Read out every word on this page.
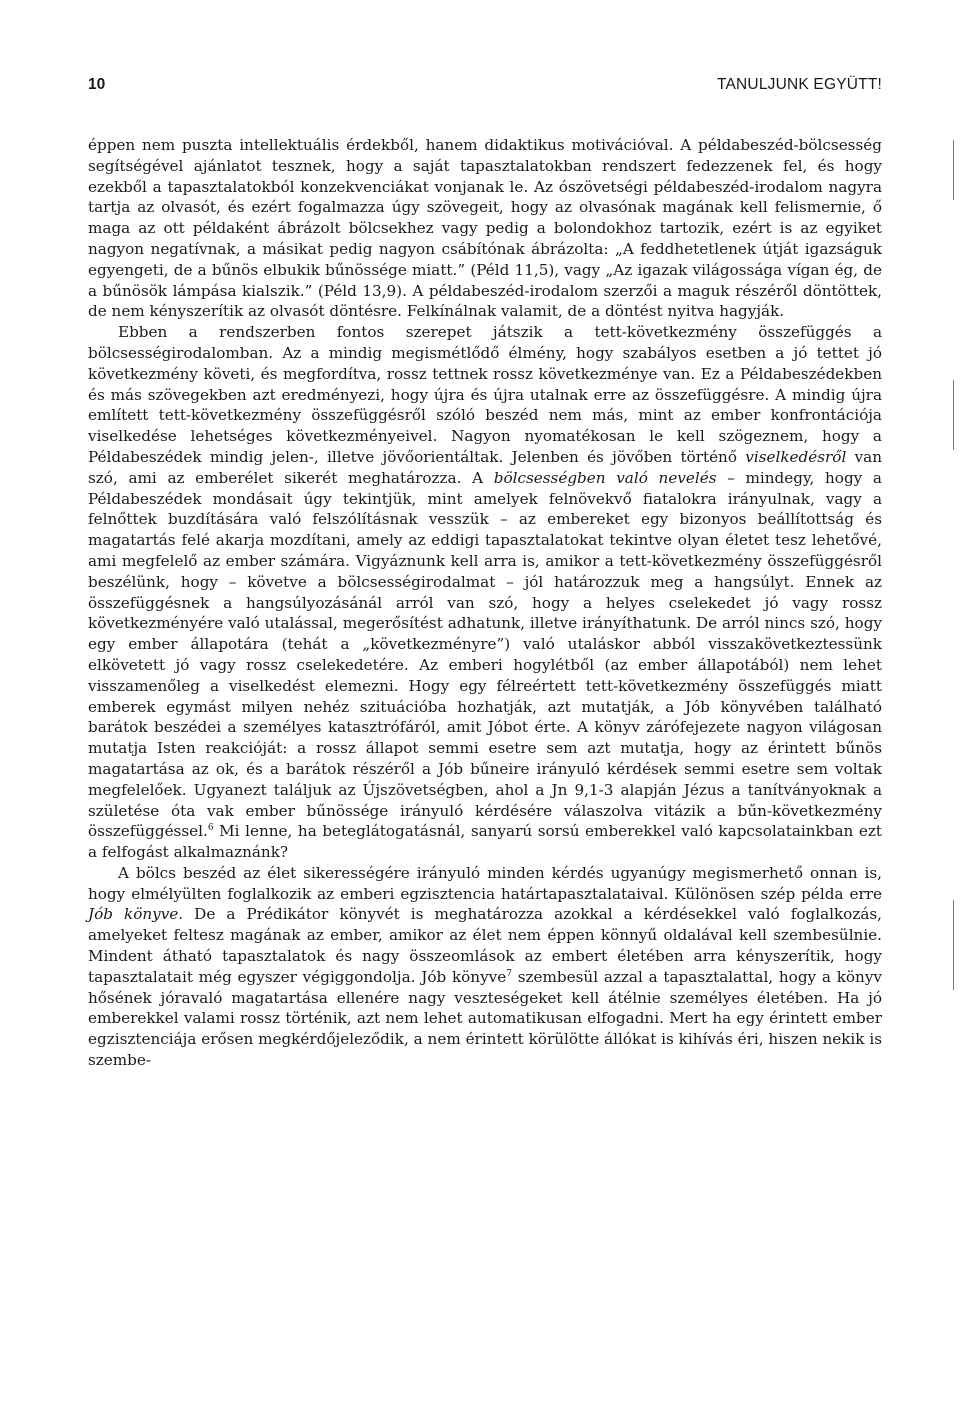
10	TANULJUNK EGYÜTT!

éppen nem puszta intellektuális érdekből, hanem didaktikus motivációval. A példabeszéd-bölcsesség segítségével ajánlatot tesznek, hogy a saját tapasztalatokban rendszert fedezzenek fel, és hogy ezekből a tapasztalatokból konzekvenciákat vonjanak le. Az ószövetségi példabeszéd-irodalom nagyra tartja az olvasót, és ezért fogalmazza úgy szövegeit, hogy az olvasónak magának kell felismernie, ő maga az ott példaként ábrázolt bölcsekhez vagy pedig a bolondokhoz tartozik, ezért is az egyiket nagyon negatívnak, a másikat pedig nagyon csábítónak ábrázolta: „A feddhetetlenek útját igazságuk egyengeti, de a bűnös elbukik bűnössége miatt.” (Péld 11,5), vagy „Az igazak világossága vígan ég, de a bűnösök lámpása kialszik.” (Péld 13,9). A példabeszéd-irodalom szerzői a maguk részéről döntöttek, de nem kényszerítik az olvasót döntésre. Felkínálnak valamit, de a döntést nyitva hagyják.

Ebben a rendszerben fontos szerepet játszik a tett-következmény összefüggés a bölcsességirodalomban. Az a mindig megismétlődő élmény, hogy szabályos esetben a jó tettet jó következmény követi, és megfordítva, rossz tettnek rossz következménye van. Ez a Példabeszédekben és más szövegekben azt eredményezi, hogy újra és újra utalnak erre az összefüggésre. A mindig újra említett tett-következmény összefüggésről szóló beszéd nem más, mint az ember konfrontációja viselkedése lehetséges következményeivel. Nagyon nyomatékosan le kell szögeznem, hogy a Példabeszédek mindig jelen-, illetve jövőorientáltak. Jelenben és jövőben történő viselkedésről van szó, ami az emberélet sikerét meghatározza. A bölcsességben való nevelés – mindegy, hogy a Példabeszédek mondásait úgy tekintjük, mint amelyek felnövekvő fiatalokra irányulnak, vagy a felnőttek buzdítására való felszólításnak vesszük – az embereket egy bizonyos beállítottság és magatartás felé akarja mozdítani, amely az eddigi tapasztalatokat tekintve olyan életet tesz lehetővé, ami megfelelő az ember számára. Vigyáznunk kell arra is, amikor a tett-következmény összefüggésről beszélünk, hogy – követve a bölcsességirodalmat – jól határozzuk meg a hangsúlyt. Ennek az összefüggésnek a hangsúlyozásánál arról van szó, hogy a helyes cselekedet jó vagy rossz következményére való utalással, megerősítést adhatunk, illetve irányíthatunk. De arról nincs szó, hogy egy ember állapotára (tehát a „következményre”) való utaláskor abból visszakövetkeztessünk elkövetett jó vagy rossz cselekedetére. Az emberi hogylétből (az ember állapotából) nem lehet visszamenőleg a viselkedést elemezni. Hogy egy félreértett tett-következmény összefüggés miatt emberek egymást milyen nehéz szituációba hozhatják, azt mutatják, a Jób könyvében található barátok beszédei a személyes katasztrófáról, amit Jóbot érte. A könyv zárófejezete nagyon világosan mutatja Isten reakcióját: a rossz állapot semmi esetre sem azt mutatja, hogy az érintett bűnös magatartása az ok, és a barátok részéről a Jób bűneire irányuló kérdések semmi esetre sem voltak megfelelőek. Ugyanezt találjuk az Újszövetségben, ahol a Jn 9,1-3 alapján Jézus a tanítványoknak a születése óta vak ember bűnössége irányuló kérdésére válaszolva vitázik a bűn-következmény összefüggéssel.$^6$ Mi lenne, ha beteglátogatásnál, sanyarú sorsú emberekkel való kapcsolatainkban ezt a felfogást alkalmaznánk?

A bölcs beszéd az élet sikerességére irányuló minden kérdés ugyanúgy megismerhető onnan is, hogy elmélyülten foglalkozik az emberi egzisztencia határtapasztalataival. Különösen szép példa erre Jób könyve. De a Prédikátor könyvét is meghatározza azokkal a kérdésekkel való foglalkozás, amelyeket feltesz magának az ember, amikor az élet nem éppen könnyű oldalával kell szembesülnie. Mindent átható tapasztalatok és nagy összeomlások az embert életében arra kényszerítik, hogy tapasztalatait még egyszer végiggondolja. Jób könyve$^7$ szembesül azzal a tapasztalattal, hogy a könyv hősének jóravaló magatartása ellenére nagy veszteségeket kell átélnie személyes életében. Ha jó emberekkel valami rossz történik, azt nem lehet automatikusan elfogadni. Mert ha egy érintett ember egzisztenciája erősen megkérdőjeleződik, a nem érintett körülötte állókat is kihívás éri, hiszen nekik is szembe-
